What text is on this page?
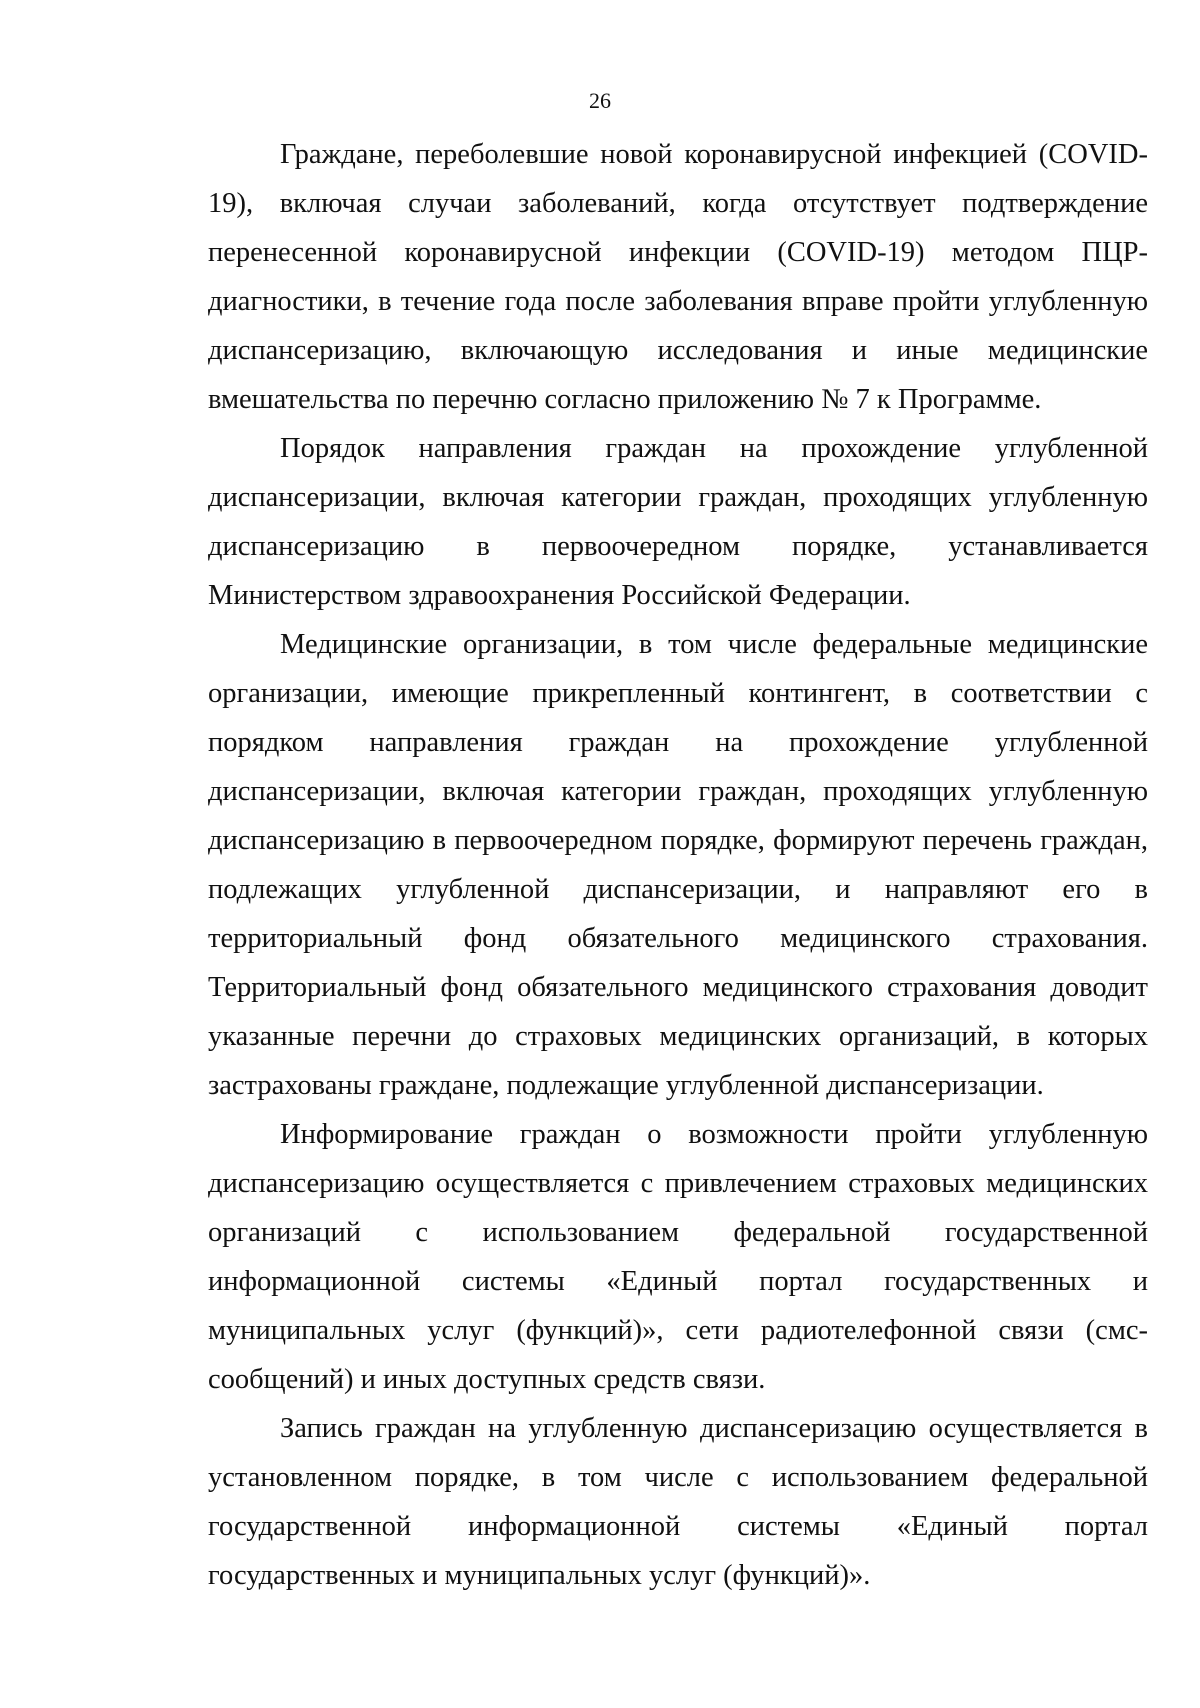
26
Граждане, переболевшие новой коронавирусной инфекцией (COVID-
19), включая случаи заболеваний, когда отсутствует подтверждение
перенесенной коронавирусной инфекции (COVID-19) методом ПЦР-
диагностики, в течение года после заболевания вправе пройти углубленную
диспансеризацию, включающую исследования и иные медицинские
вмешательства по перечню согласно приложению № 7 к Программе.
Порядок направления граждан на прохождение углубленной
диспансеризации, включая категории граждан, проходящих углубленную
диспансеризацию в первоочередном порядке, устанавливается
Министерством здравоохранения Российской Федерации.
Медицинские организации, в том числе федеральные медицинские
организации, имеющие прикрепленный контингент, в соответствии с
порядком направления граждан на прохождение углубленной
диспансеризации, включая категории граждан, проходящих углубленную
диспансеризацию в первоочередном порядке, формируют перечень граждан,
подлежащих углубленной диспансеризации, и направляют его в
территориальный фонд обязательного медицинского страхования.
Территориальный фонд обязательного медицинского страхования доводит
указанные перечни до страховых медицинских организаций, в которых
застрахованы граждане, подлежащие углубленной диспансеризации.
Информирование граждан о возможности пройти углубленную
диспансеризацию осуществляется с привлечением страховых медицинских
организаций с использованием федеральной государственной
информационной системы «Единый портал государственных и
муниципальных услуг (функций)», сети радиотелефонной связи (смс-
сообщений) и иных доступных средств связи.
Запись граждан на углубленную диспансеризацию осуществляется в
установленном порядке, в том числе с использованием федеральной
государственной информационной системы «Единый портал
государственных и муниципальных услуг (функций)».
